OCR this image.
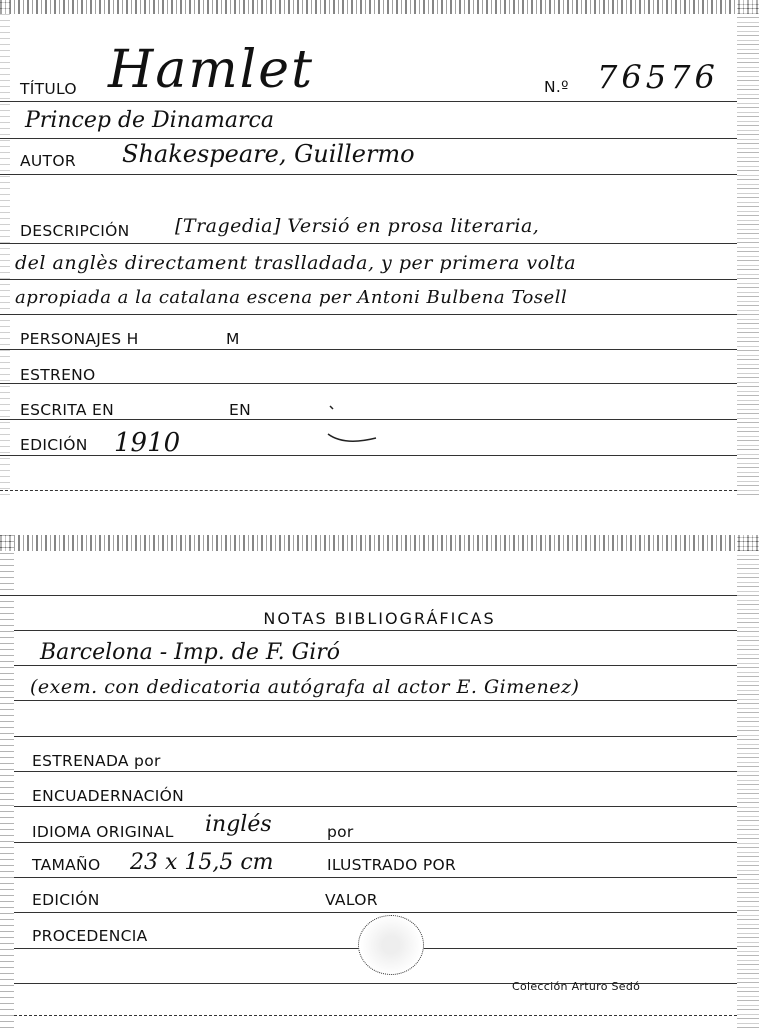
TÍTULO Hamlet	N.º 76576
Princep de Dinamarca
AUTOR Shakespeare, Guillermo
DESCRIPCIÓN [Tragedia] Versió en prosa literaria,
del anglès directament traslladada, y per primera volta
apropiada a la catalana escena per Antoni Bulbena Tosell
PERSONAJES H	M
ESTRENO
ESCRITA EN	EN
EDICIÓN 1910
NOTAS BIBLIOGRÁFICAS
Barcelona - Imp. de F. Giró
(exem. con dedicatoria autógrafa al actor E. Gimenez)
ESTRENADA por
ENCUADERNACIÓN
IDIOMA ORIGINAL inglés	por
TAMAÑO 23 x 15,5 cm	ILUSTRADO POR
EDICIÓN	VALOR
PROCEDENCIA
Colección Arturo Sedó
